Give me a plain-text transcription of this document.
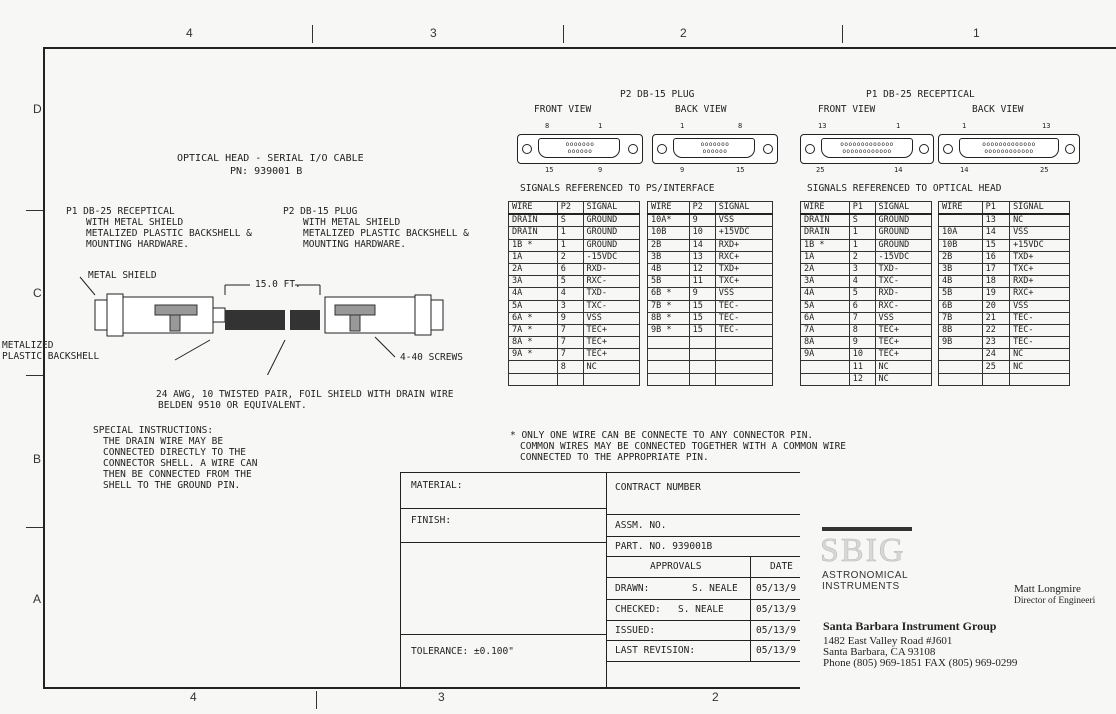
4	3	2	1
4	3	2
D
C
B
A
OPTICAL HEAD - SERIAL I/O CABLE
PN: 939001 B
P1 DB-25 RECEPTICAL
WITH METAL SHIELD
METALIZED PLASTIC BACKSHELL &
MOUNTING HARDWARE.
P2 DB-15 PLUG
WITH METAL SHIELD
METALIZED PLASTIC BACKSHELL &
MOUNTING HARDWARE.
METAL SHIELD
15.0 FT.
METALIZED
PLASTIC BACKSHELL	4-40 SCREWS
24 AWG, 10 TWISTED PAIR, FOIL SHIELD WITH DRAIN WIRE
BELDEN 9510 OR EQUIVALENT.
SPECIAL INSTRUCTIONS:
THE DRAIN WIRE MAY BE
CONNECTED DIRECTLY TO THE
CONNECTOR SHELL. A WIRE CAN
THEN BE CONNECTED FROM THE
SHELL TO THE GROUND PIN.
P2 DB-15 PLUG
FRONT VIEW	BACK VIEW
P1 DB-25 RECEPTICAL
FRONT VIEW	BACK VIEW
ooooooo
oooooo
8	1
15	9
ooooooo
oooooo
1	8
9	15
ooooooooooooo
oooooooooooo
13	1
25	14
ooooooooooooo
oooooooooooo
1	13
14	25
SIGNALS REFERENCED TO PS/INTERFACE	SIGNALS REFERENCED TO OPTICAL HEAD
WIRE	P2	SIGNAL
DRAIN	S	GROUND
DRAIN	1	GROUND
1B *	1	GROUND
1A	2	-15VDC
2A	6	RXD-
3A	5	RXC-
4A	4	TXD-
5A	3	TXC-
6A *	9	VSS
7A *	7	TEC+
8A *	7	TEC+
9A *	7	TEC+
	8	NC

WIRE	P2	SIGNAL
10A*	9	VSS
10B	10	+15VDC
2B	14	RXD+
3B	13	RXC+
4B	12	TXD+
5B	11	TXC+
6B *	9	VSS
7B *	15	TEC-
8B *	15	TEC-
9B *	15	TEC-

WIRE	P1	SIGNAL
DRAIN	S	GROUND
DRAIN	1	GROUND
1B *	1	GROUND
1A	2	-15VDC
2A	3	TXD-
3A	4	TXC-
4A	5	RXD-
5A	6	RXC-
6A	7	VSS
7A	8	TEC+
8A	9	TEC+
9A	10	TEC+
	11	NC
	12	NC
WIRE	P1	SIGNAL
	13	NC
10A	14	VSS
10B	15	+15VDC
2B	16	TXD+
3B	17	TXC+
4B	18	RXD+
5B	19	RXC+
6B	20	VSS
7B	21	TEC-
8B	22	TEC-
9B	23	TEC-
	24	NC
	25	NC

* ONLY ONE WIRE CAN BE CONNECTE TO ANY CONNECTOR PIN.
COMMON WIRES MAY BE CONNECTED TOGETHER WITH A COMMON WIRE
CONNECTED TO THE APPROPRIATE PIN.
MATERIAL:
FINISH:
TOLERANCE: ±0.100"
CONTRACT NUMBER
ASSM. NO.
PART. NO. 939001B
APPROVALS	DATE
DRAWN:	S. NEALE 05/13/9
CHECKED: S. NEALE	05/13/9
ISSUED:	05/13/9
LAST REVISION:	05/13/9
SBIG
ASTRONOMICAL
INSTRUMENTS	Matt Longmire
Director of Engineeri
Santa Barbara Instrument Group
1482 East Valley Road #J601
Santa Barbara, CA 93108
Phone (805) 969-1851 FAX (805) 969-0299
